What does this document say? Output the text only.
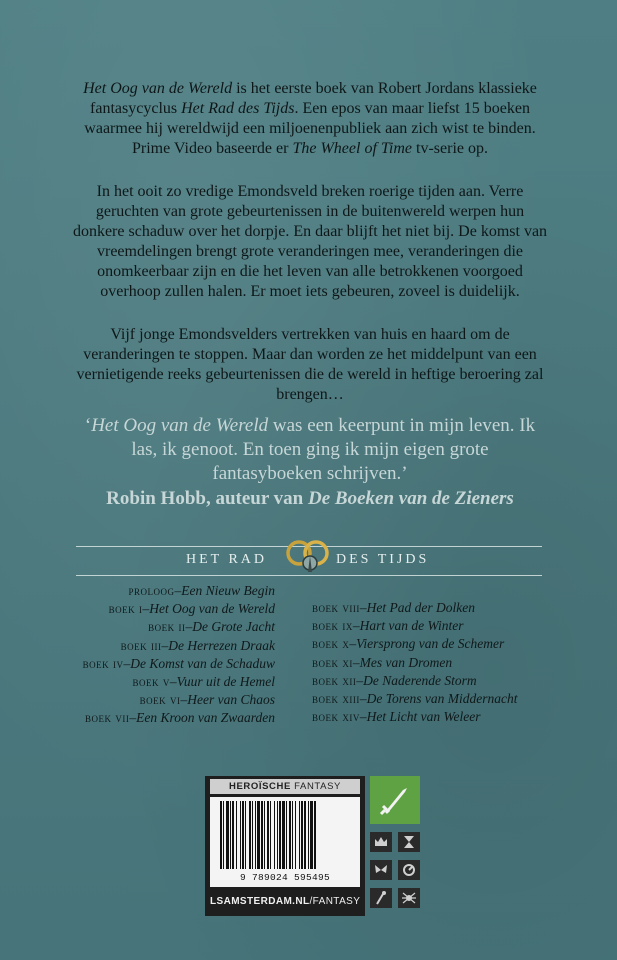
Het Oog van de Wereld is het eerste boek van Robert Jordans klassieke fantasycyclus Het Rad des Tijds. Een epos van maar liefst 15 boeken waarmee hij wereldwijd een miljoenenpubliek aan zich wist te binden. Prime Video baseerde er The Wheel of Time tv-serie op.

In het ooit zo vredige Emondsveld breken roerige tijden aan. Verre geruchten van grote gebeurtenissen in de buitenwereld werpen hun donkere schaduw over het dorpje. En daar blijft het niet bij. De komst van vreemdelingen brengt grote veranderingen mee, veranderingen die onomkeerbaar zijn en die het leven van alle betrokkenen voorgoed overhoop zullen halen. Er moet iets gebeuren, zoveel is duidelijk.

Vijf jonge Emondsvelders vertrekken van huis en haard om de veranderingen te stoppen. Maar dan worden ze het middelpunt van een vernietigende reeks gebeurtenissen die de wereld in heftige beroering zal brengen…

‘Het Oog van de Wereld was een keerpunt in mijn leven. Ik las, ik genoot. En toen ging ik mijn eigen grote fantasyboeken schrijven.’

Robin Hobb, auteur van De Boeken van de Zieners

HET RAD	DES TIJDS
proloog–Een Nieuw Begin
boek i–Het Oog van de Wereld
boek ii–De Grote Jacht
boek iii–De Herrezen Draak
boek iv–De Komst van de Schaduw
boek v–Vuur uit de Hemel
boek vi–Heer van Chaos
boek vii–Een Kroon van Zwaarden
boek viii–Het Pad der Dolken
boek ix–Hart van de Winter
boek x–Viersprong van de Schemer
boek xi–Mes van Dromen
boek xii–De Naderende Storm
boek xiii–De Torens van Middernacht
boek xiv–Het Licht van Weleer
HEROÏSCHE FANTASY
9 789024 595495
LSAMSTERDAM.NL/FANTASY
